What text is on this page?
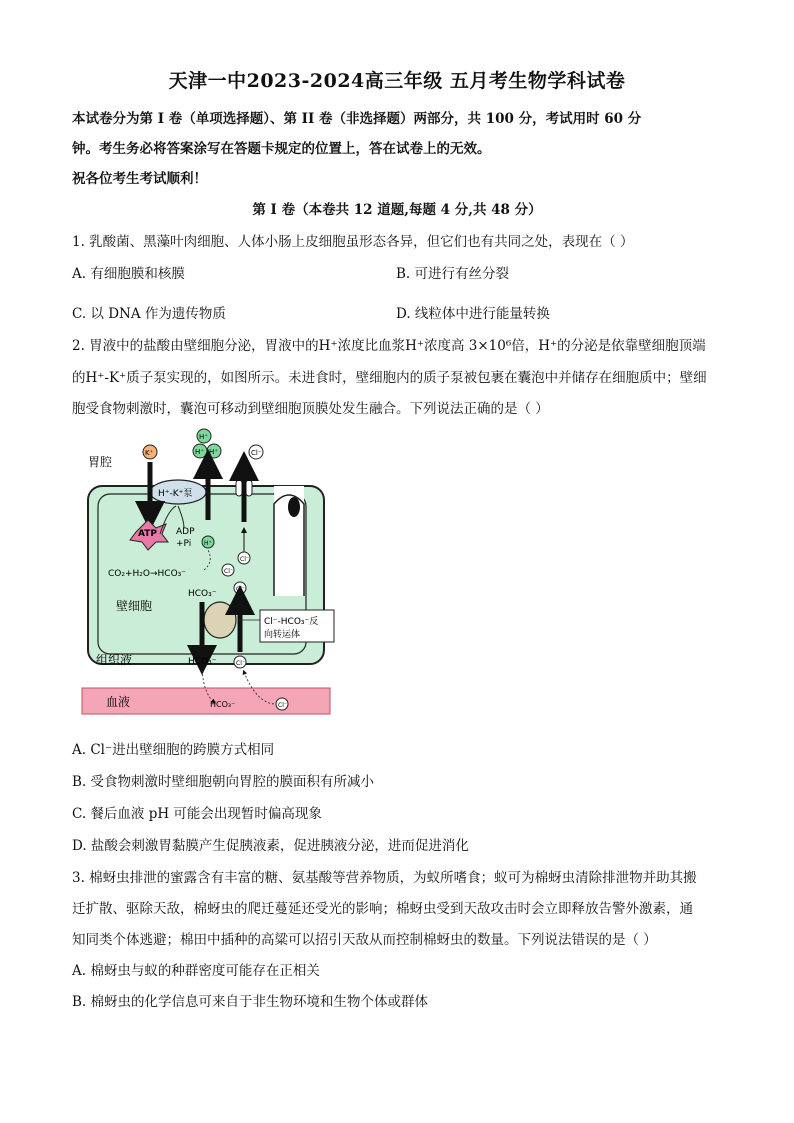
天津一中2023-2024高三年级 五月考生物学科试卷
本试卷分为第 I 卷（单项选择题）、第 II 卷（非选择题）两部分，共 100 分，考试用时 60 分
钟。考生务必将答案涂写在答题卡规定的位置上，答在试卷上的无效。
祝各位考生考试顺利！
第 I 卷（本卷共 12 道题,每题 4 分,共 48 分）
1. 乳酸菌、黑藻叶肉细胞、人体小肠上皮细胞虽形态各异，但它们也有共同之处，表现在（ ）
A. 有细胞膜和核膜	B. 可进行有丝分裂
C. 以 DNA 作为遗传物质	D. 线粒体中进行能量转换
2. 胃液中的盐酸由壁细胞分泌，胃液中的H⁺浓度比血浆H⁺浓度高 3×10⁶倍，H⁺的分泌是依靠壁细胞顶端
的H⁺-K⁺质子泵实现的，如图所示。未进食时，壁细胞内的质子泵被包裹在囊泡中并储存在细胞质中；壁细
胞受食物刺激时，囊泡可移动到壁细胞顶膜处发生融合。下列说法正确的是（ ）
胃腔
壁细胞
组织液
血液
H⁺-K⁺泵
K⁺
H⁺
H⁺ H⁺	Cl⁻
Cl⁻
ATP ADP
+Pi H⁺
CO₂+H₂O→HCO₃⁻	Cl⁻
HCO₃⁻	Cl⁻
Cl⁻-HCO₃⁻反
向转运体
HCO₃⁻	Cl⁻
HCO₃⁻	Cl⁻
A. Cl⁻进出壁细胞的跨膜方式相同
B. 受食物刺激时壁细胞朝向胃腔的膜面积有所减小
C. 餐后血液 pH 可能会出现暂时偏高现象
D. 盐酸会刺激胃黏膜产生促胰液素，促进胰液分泌，进而促进消化
3. 棉蚜虫排泄的蜜露含有丰富的糖、氨基酸等营养物质，为蚁所嗜食；蚁可为棉蚜虫清除排泄物并助其搬
迁扩散、驱除天敌，棉蚜虫的爬迁蔓延还受光的影响；棉蚜虫受到天敌攻击时会立即释放告警外激素，通
知同类个体逃避；棉田中插种的高粱可以招引天敌从而控制棉蚜虫的数量。下列说法错误的是（ ）
A. 棉蚜虫与蚁的种群密度可能存在正相关
B. 棉蚜虫的化学信息可来自于非生物环境和生物个体或群体
